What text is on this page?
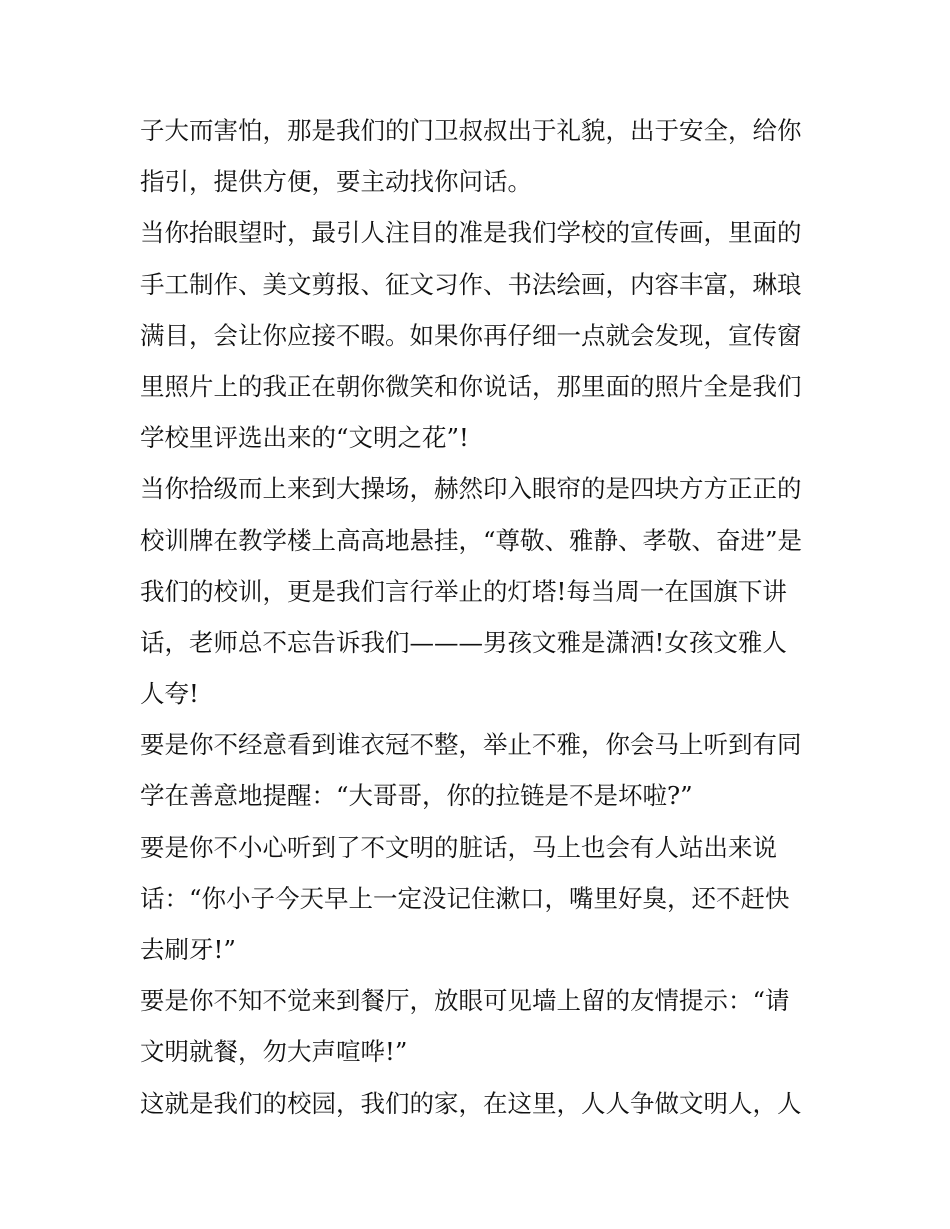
子大而害怕，那是我们的门卫叔叔出于礼貌，出于安全，给你
指引，提供方便，要主动找你问话。
当你抬眼望时，最引人注目的准是我们学校的宣传画，里面的
手工制作、美文剪报、征文习作、书法绘画，内容丰富，琳琅
满目，会让你应接不暇。如果你再仔细一点就会发现，宣传窗
里照片上的我正在朝你微笑和你说话，那里面的照片全是我们
学校里评选出来的“文明之花”!
当你拾级而上来到大操场，赫然印入眼帘的是四块方方正正的
校训牌在教学楼上高高地悬挂，“尊敬、雅静、孝敬、奋进”是
我们的校训，更是我们言行举止的灯塔!每当周一在国旗下讲
话，老师总不忘告诉我们———男孩文雅是潇洒!女孩文雅人
人夸!
要是你不经意看到谁衣冠不整，举止不雅，你会马上听到有同
学在善意地提醒：“大哥哥，你的拉链是不是坏啦?”
要是你不小心听到了不文明的脏话，马上也会有人站出来说
话：“你小子今天早上一定没记住漱口，嘴里好臭，还不赶快
去刷牙!”
要是你不知不觉来到餐厅，放眼可见墙上留的友情提示：“请
文明就餐，勿大声喧哗!”
这就是我们的校园，我们的家，在这里，人人争做文明人，人
